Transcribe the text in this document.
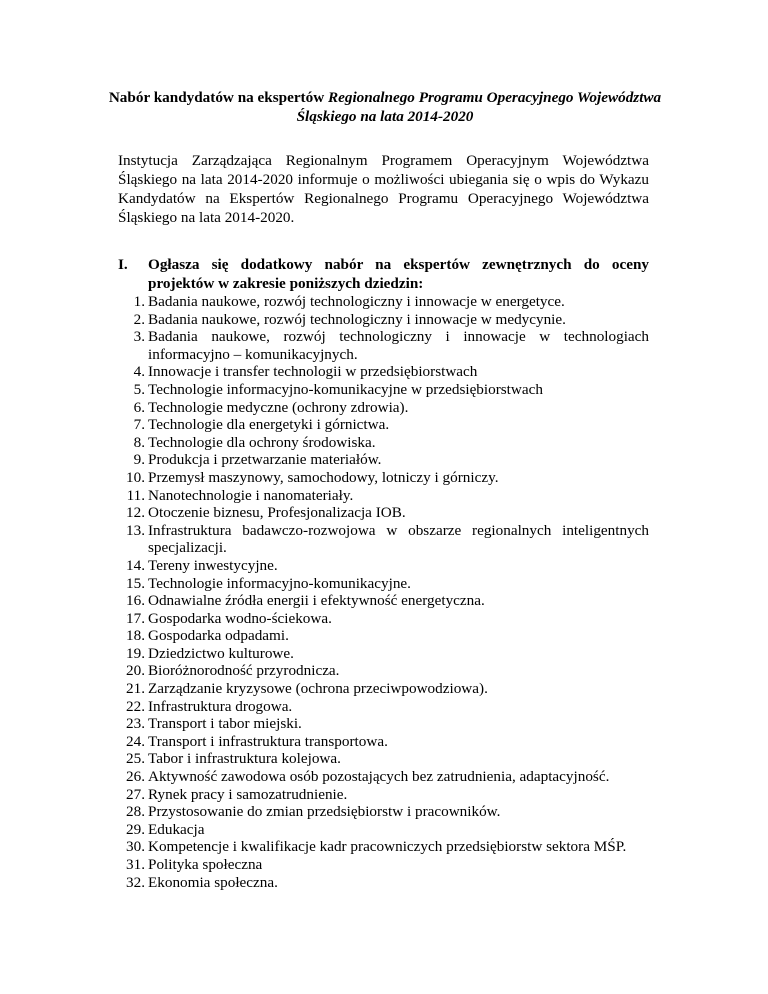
Nabór kandydatów na ekspertów Regionalnego Programu Operacyjnego Województwa Śląskiego na lata 2014-2020

Instytucja Zarządzająca Regionalnym Programem Operacyjnym Województwa Śląskiego na lata 2014-2020 informuje o możliwości ubiegania się o wpis do Wykazu Kandydatów na Ekspertów Regionalnego Programu Operacyjnego Województwa Śląskiego na lata 2014-2020.

I. Ogłasza się dodatkowy nabór na ekspertów zewnętrznych do oceny projektów w zakresie poniższych dziedzin:
1. Badania naukowe, rozwój technologiczny i innowacje w energetyce.
2. Badania naukowe, rozwój technologiczny i innowacje w medycynie.
3. Badania naukowe, rozwój technologiczny i innowacje w technologiach informacyjno – komunikacyjnych.
4. Innowacje i transfer technologii w przedsiębiorstwach
5. Technologie informacyjno-komunikacyjne w przedsiębiorstwach
6. Technologie medyczne (ochrony zdrowia).
7. Technologie dla energetyki i górnictwa.
8. Technologie dla ochrony środowiska.
9. Produkcja i przetwarzanie materiałów.
10. Przemysł maszynowy, samochodowy, lotniczy i górniczy.
11. Nanotechnologie i nanomateriały.
12. Otoczenie biznesu, Profesjonalizacja IOB.
13. Infrastruktura badawczo-rozwojowa w obszarze regionalnych inteligentnych specjalizacji.
14. Tereny inwestycyjne.
15. Technologie informacyjno-komunikacyjne.
16. Odnawialne źródła energii i efektywność energetyczna.
17. Gospodarka wodno-ściekowa.
18. Gospodarka odpadami.
19. Dziedzictwo kulturowe.
20. Bioróżnorodność przyrodnicza.
21. Zarządzanie kryzysowe (ochrona przeciwpowodziowa).
22. Infrastruktura drogowa.
23. Transport i tabor miejski.
24. Transport i infrastruktura transportowa.
25. Tabor i infrastruktura kolejowa.
26. Aktywność zawodowa osób pozostających bez zatrudnienia, adaptacyjność.
27. Rynek pracy i samozatrudnienie.
28. Przystosowanie do zmian przedsiębiorstw i pracowników.
29. Edukacja
30. Kompetencje i kwalifikacje kadr pracowniczych przedsiębiorstw sektora MŚP.
31. Polityka społeczna
32. Ekonomia społeczna.
